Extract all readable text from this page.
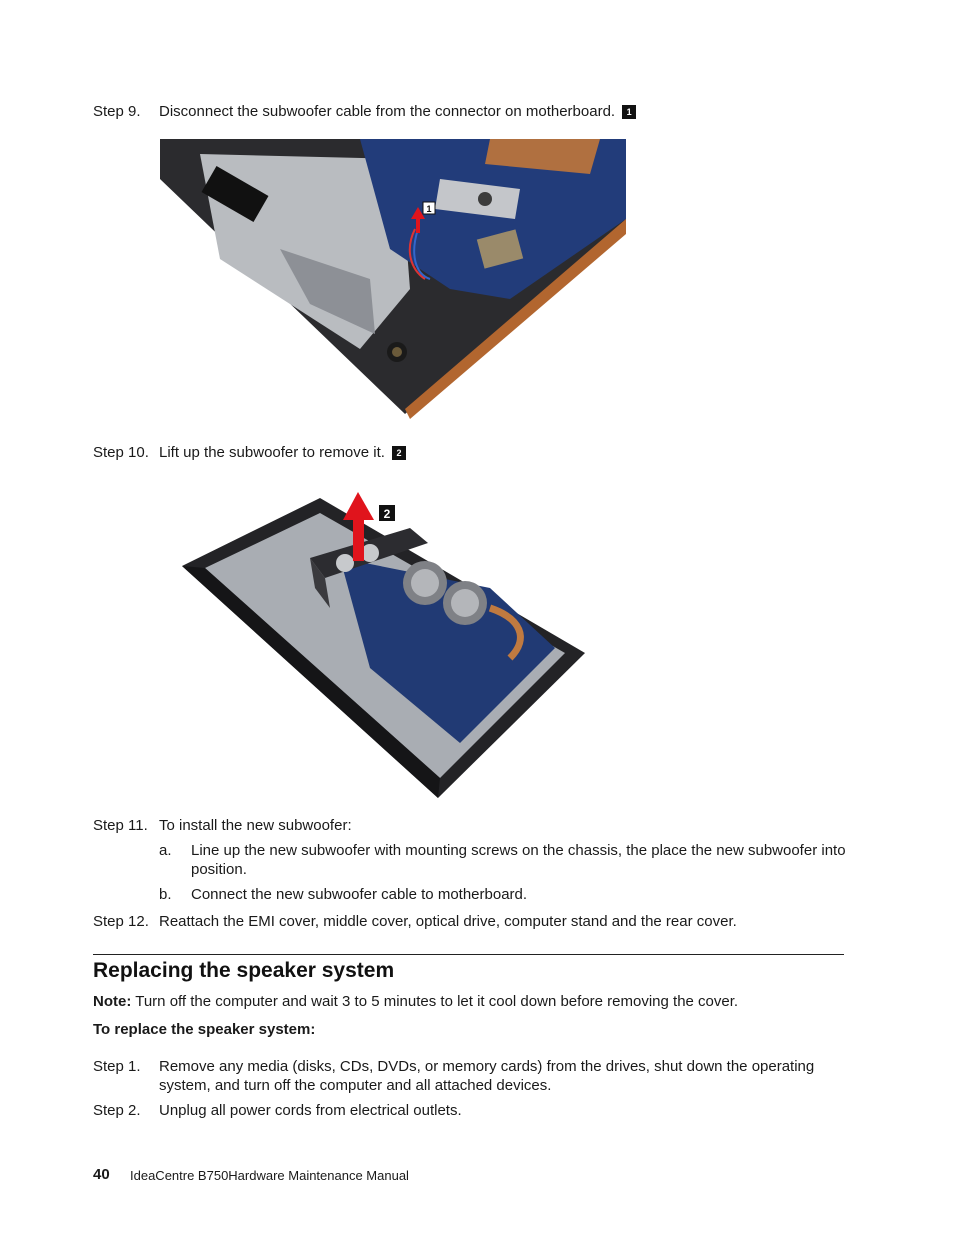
Step 9. Disconnect the subwoofer cable from the connector on motherboard. 1
1
Step 10. Lift up the subwoofer to remove it. 2
2
Step 11. To install the new subwoofer:
a. Line up the new subwoofer with mounting screws on the chassis, the place the new subwoofer into position.
b. Connect the new subwoofer cable to motherboard.
Step 12. Reattach the EMI cover, middle cover, optical drive, computer stand and the rear cover.
Replacing the speaker system
Note: Turn off the computer and wait 3 to 5 minutes to let it cool down before removing the cover.
To replace the speaker system:
Step 1. Remove any media (disks, CDs, DVDs, or memory cards) from the drives, shut down the operating
system, and turn off the computer and all attached devices.
Step 2. Unplug all power cords from electrical outlets.
40 IdeaCentre B750Hardware Maintenance Manual
